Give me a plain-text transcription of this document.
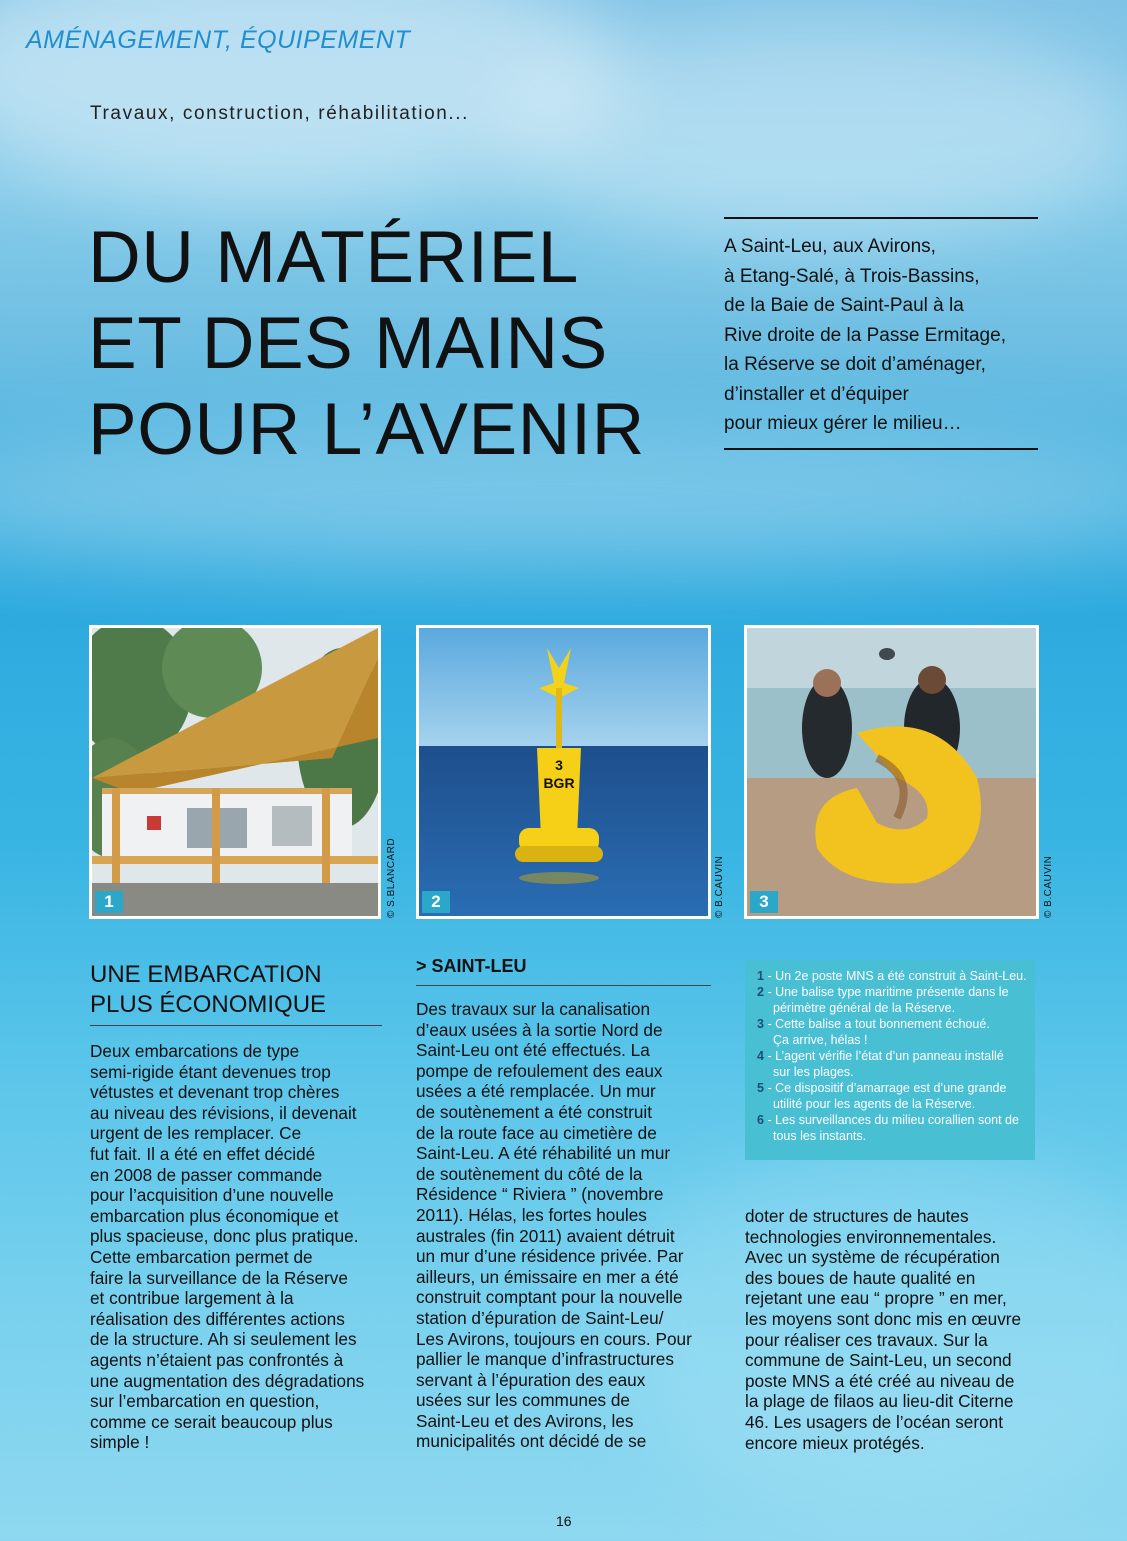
AMÉNAGEMENT, ÉQUIPEMENT
Travaux, construction, réhabilitation...
DU MATÉRIEL
ET DES MAINS
POUR L’AVENIR
A Saint-Leu, aux Avirons,
à Etang-Salé, à Trois-Bassins,
de la Baie de Saint-Paul à la
Rive droite de la Passe Ermitage,
la Réserve se doit d’aménager,
d’installer et d’équiper
pour mieux gérer le milieu…
1	© S.BLANCARD
3
BGR
2	© B.CAUVIN	3	© B.CAUVIN
UNE EMBARCATION
PLUS ÉCONOMIQUE
Deux embarcations de type
semi-rigide étant devenues trop
vétustes et devenant trop chères
au niveau des révisions, il devenait
urgent de les remplacer. Ce
fut fait. Il a été en effet décidé
en 2008 de passer commande
pour l’acquisition d’une nouvelle
embarcation plus économique et
plus spacieuse, donc plus pratique.
Cette embarcation permet de
faire la surveillance de la Réserve
et contribue largement à la
réalisation des différentes actions
de la structure. Ah si seulement les
agents n’étaient pas confrontés à
une augmentation des dégradations
sur l’embarcation en question,
comme ce serait beaucoup plus
simple !
> SAINT-LEU
Des travaux sur la canalisation
d’eaux usées à la sortie Nord de
Saint-Leu ont été effectués. La
pompe de refoulement des eaux
usées a été remplacée. Un mur
de soutènement a été construit
de la route face au cimetière de
Saint-Leu. A été réhabilité un mur
de soutènement du côté de la
Résidence “ Riviera ” (novembre
2011). Hélas, les fortes houles
australes (fin 2011) avaient détruit
un mur d’une résidence privée. Par
ailleurs, un émissaire en mer a été
construit comptant pour la nouvelle
station d’épuration de Saint-Leu/
Les Avirons, toujours en cours. Pour
pallier le manque d’infrastructures
servant à l’épuration des eaux
usées sur les communes de
Saint-Leu et des Avirons, les
municipalités ont décidé de se
1 - Un 2e poste MNS a été construit à Saint-Leu.
2 - Une balise type maritime présente dans le
périmètre général de la Réserve.
3 - Cette balise a tout bonnement échoué.
Ça arrive, hélas !
4 - L’agent vérifie l’état d’un panneau installé
sur les plages.
5 - Ce dispositif d’amarrage est d’une grande
utilité pour les agents de la Réserve.
6 - Les surveillances du milieu corallien sont de
tous les instants.
doter de structures de hautes
technologies environnementales.
Avec un système de récupération
des boues de haute qualité en
rejetant une eau “ propre ” en mer,
les moyens sont donc mis en œuvre
pour réaliser ces travaux. Sur la
commune de Saint-Leu, un second
poste MNS a été créé au niveau de
la plage de filaos au lieu-dit Citerne
46. Les usagers de l’océan seront
encore mieux protégés.
16
